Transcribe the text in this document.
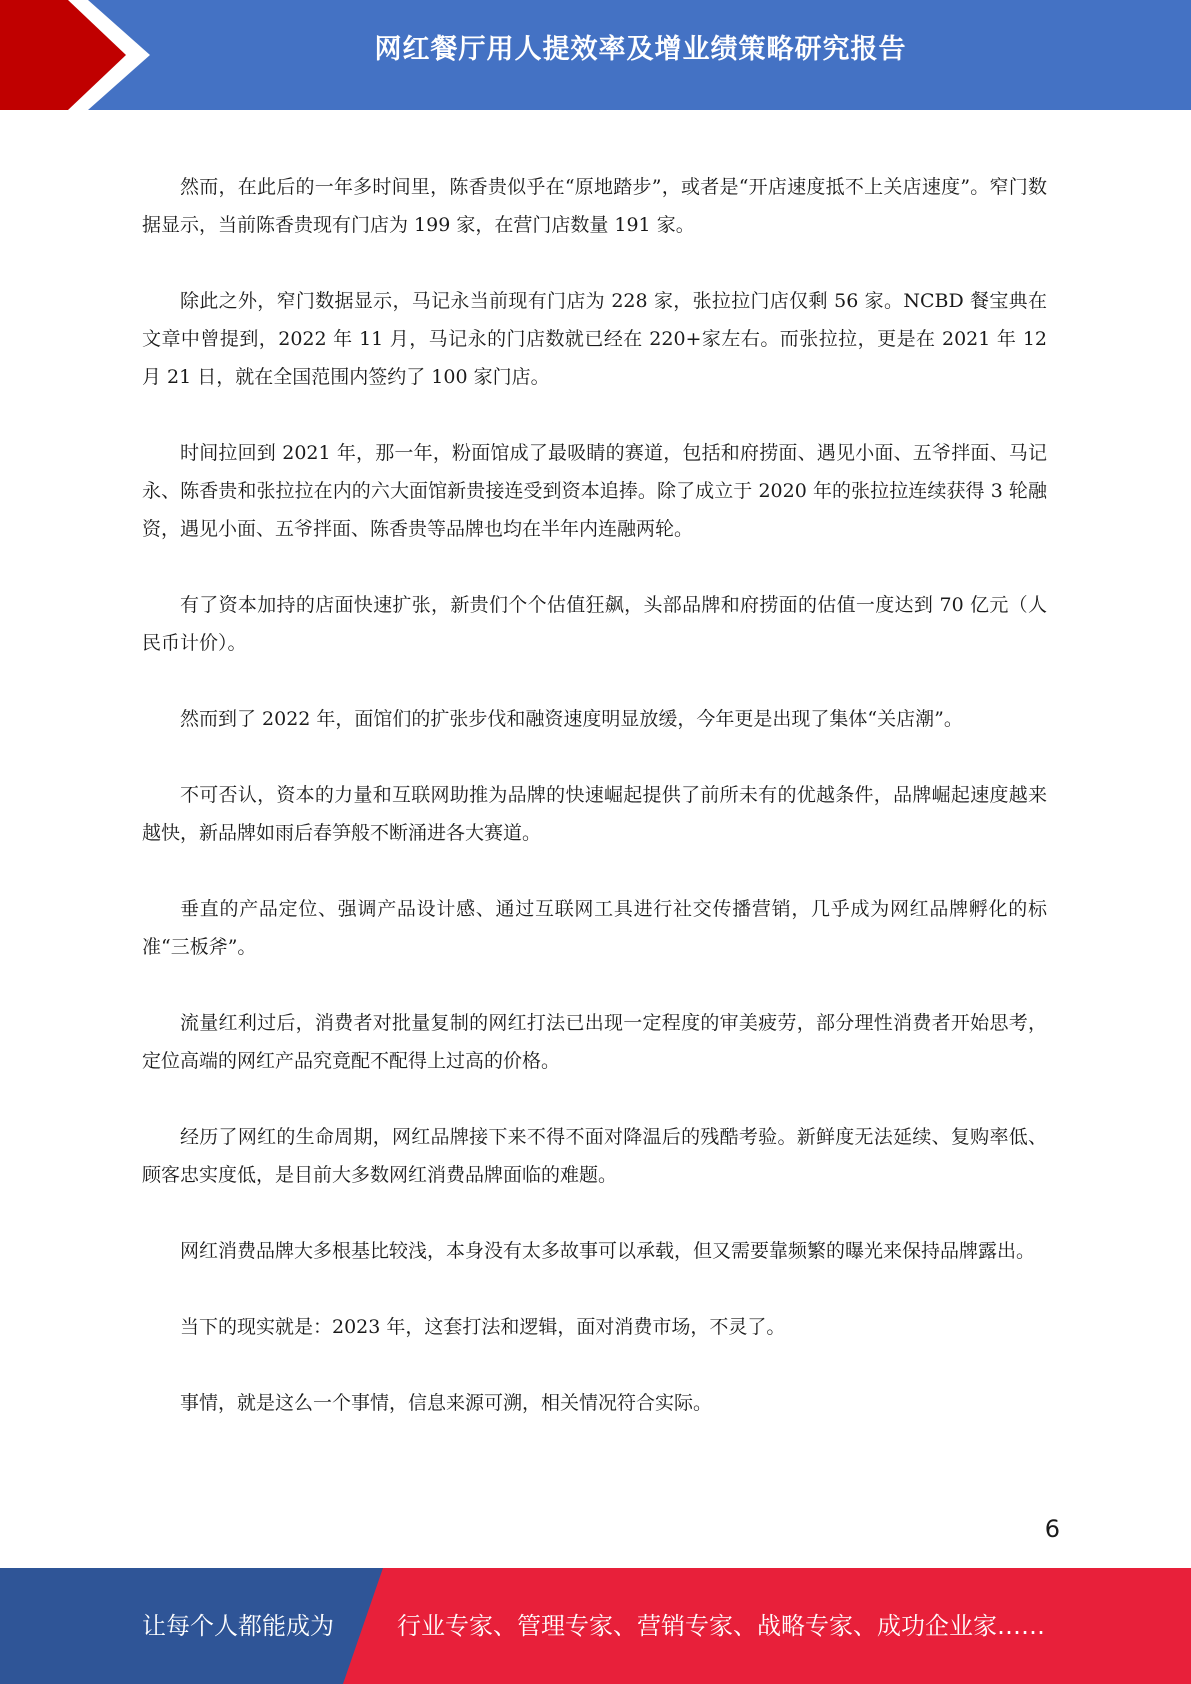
网红餐厅用人提效率及增业绩策略研究报告

然而，在此后的一年多时间里，陈香贵似乎在“原地踏步”，或者是“开店速度抵不上关店速度”。窄门数据显示，当前陈香贵现有门店为 199 家，在营门店数量 191 家。

除此之外，窄门数据显示，马记永当前现有门店为 228 家，张拉拉门店仅剩 56 家。NCBD 餐宝典在文章中曾提到，2022 年 11 月，马记永的门店数就已经在 220+家左右。而张拉拉，更是在 2021 年 12 月 21 日，就在全国范围内签约了 100 家门店。

时间拉回到 2021 年，那一年，粉面馆成了最吸睛的赛道，包括和府捞面、遇见小面、五爷拌面、马记永、陈香贵和张拉拉在内的六大面馆新贵接连受到资本追捧。除了成立于 2020 年的张拉拉连续获得 3 轮融资，遇见小面、五爷拌面、陈香贵等品牌也均在半年内连融两轮。

有了资本加持的店面快速扩张，新贵们个个估值狂飙，头部品牌和府捞面的估值一度达到 70 亿元（人民币计价）。

然而到了 2022 年，面馆们的扩张步伐和融资速度明显放缓，今年更是出现了集体“关店潮”。

不可否认，资本的力量和互联网助推为品牌的快速崛起提供了前所未有的优越条件，品牌崛起速度越来越快，新品牌如雨后春笋般不断涌进各大赛道。

垂直的产品定位、强调产品设计感、通过互联网工具进行社交传播营销，几乎成为网红品牌孵化的标准“三板斧”。

流量红利过后，消费者对批量复制的网红打法已出现一定程度的审美疲劳，部分理性消费者开始思考，定位高端的网红产品究竟配不配得上过高的价格。

经历了网红的生命周期，网红品牌接下来不得不面对降温后的残酷考验。新鲜度无法延续、复购率低、顾客忠实度低，是目前大多数网红消费品牌面临的难题。

网红消费品牌大多根基比较浅，本身没有太多故事可以承载，但又需要靠频繁的曝光来保持品牌露出。

当下的现实就是：2023 年，这套打法和逻辑，面对消费市场，不灵了。

事情，就是这么一个事情，信息来源可溯，相关情况符合实际。

6
让每个人都能成为	行业专家、管理专家、营销专家、战略专家、成功企业家……
